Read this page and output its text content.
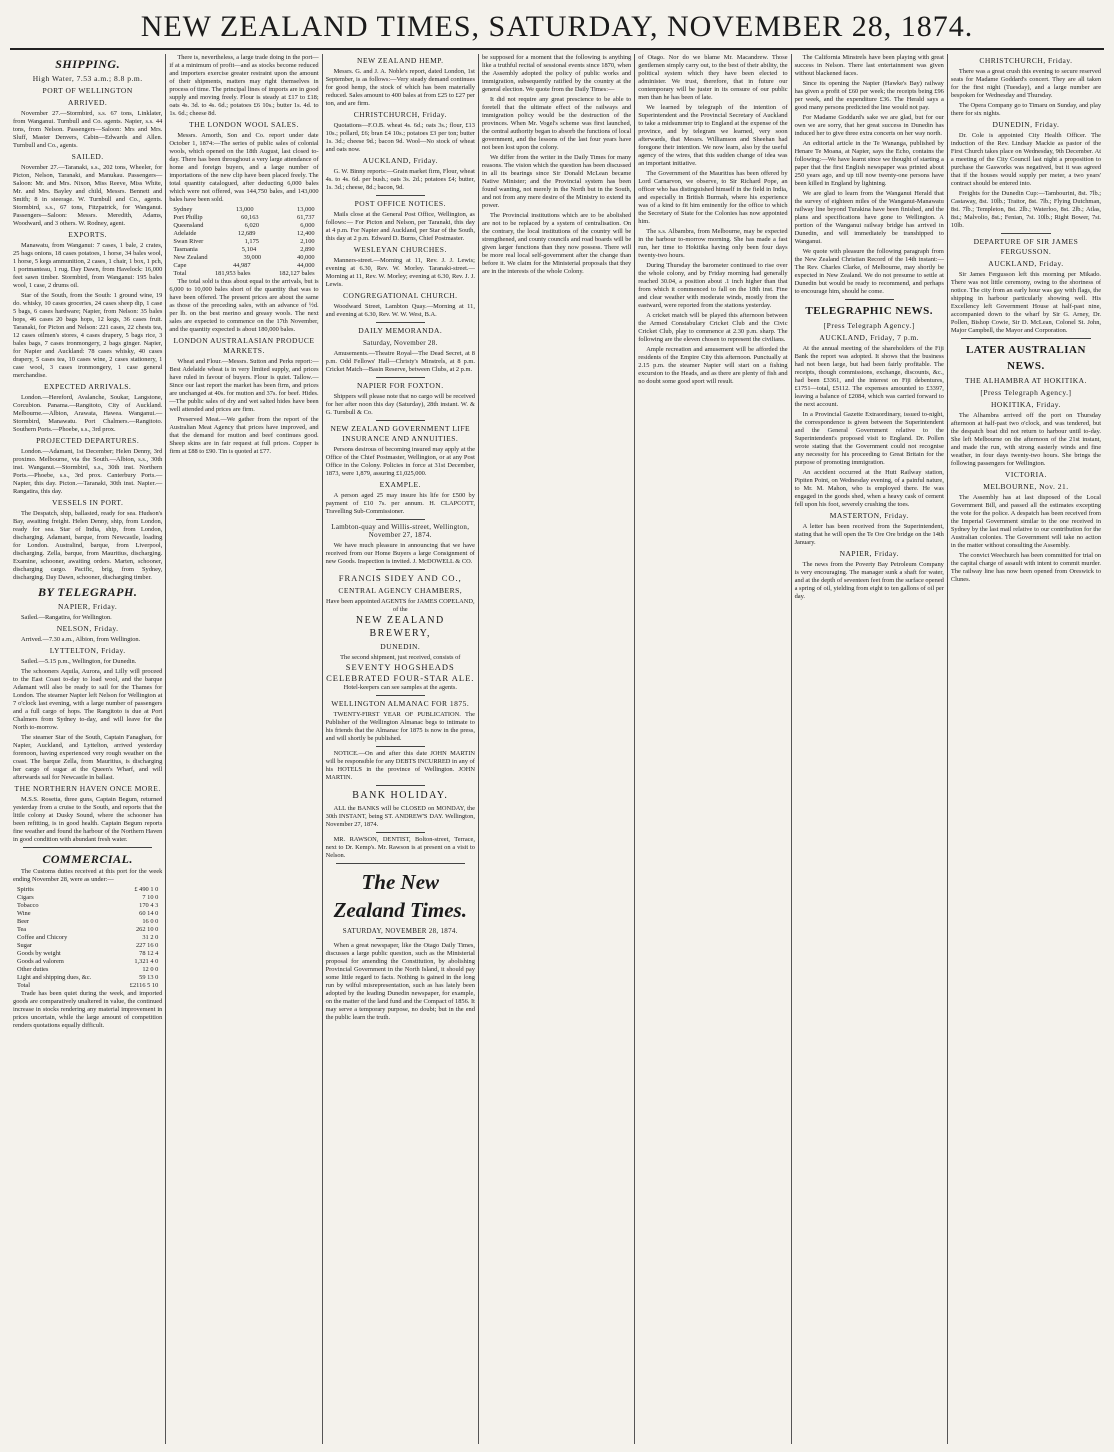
NEW ZEALAND TIMES, SATURDAY, NOVEMBER 28, 1874.
SHIPPING.
High Water, 7.53 a.m.; 8.8 p.m.
PORT OF WELLINGTON
ARRIVED.

November 27.—Stormbird, s.s. 67 tons, Linklater, from Wanganui. Turnbull and Co. agents. Napier, s.s. 44 tons, from Nelson. Passengers—Saloon: Mrs and Mrs. Sluff, Master Denvers, Cabin—Edwards and Allen. Turnbull and Co., agents.

SAILED.

November 27.—Taranaki, s.s., 202 tons, Wheeler, for Picton, Nelson, Taranaki, and Manukau. Passengers—Saloon: Mr. and Mrs. Nixon, Miss Reeve, Miss White, Mr. and Mrs. Bayley and child, Messrs. Bennett and Smith; 8 in steerage. W. Turnbull and Co., agents. Stormbird, s.s., 67 tons, Fitzpatrick, for Wanganui. Passengers—Saloon: Messrs. Meredith, Adams, Woodward, and 3 others. W. Rodney, agent.

EXPORTS.

Manawatu, from Wanganui: 7 cases, 1 bale, 2 crates, 25 bags onions, 18 cases potatoes, 1 horse, 34 bales wool, 1 horse, 5 kegs ammunition, 2 cases, 1 chair, 1 box, 1 pch, 1 portmanteau, 1 rug. Day Dawn, from Havelock: 16,000 feet sawn timber. Stormbird, from Wanganui: 195 bales wool, 1 case, 2 drums oil.

Star of the South, from the South: 1 ground wine, 19 do. whisky, 10 cases groceries, 24 cases sheep dip, 1 case 5 bags, 6 cases hardware; Napier, from Nelson: 35 bales hops, 46 cases 20 bags hops, 12 kegs, 36 cases fruit. Taranaki, for Picton and Nelson: 221 cases, 22 chests tea, 12 cases oilmen's stores, 4 cases drapery, 5 bags rice, 3 bales bags, 7 cases ironmongery, 2 bags ginger. Napier, for Napier and Auckland: 78 cases whisky, 40 cases drapery, 5 cases tea, 10 cases wine, 2 cases stationery, 1 case wool, 3 cases ironmongery, 1 case general merchandise.

EXPECTED ARRIVALS.

London.—Hereford, Avalanche, Soukar, Langstone, Corcubion. Panama.—Rangitoto, City of Auckland. Melbourne.—Albion, Arawata, Hawea. Wanganui.—Stormbird, Manawatu. Port Chalmers.—Rangitoto. Southern Ports.—Phoebe, s.s., 3rd prox.

PROJECTED DEPARTURES.

London.—Adamant, 1st December; Helen Denny, 3rd proximo. Melbourne, via the South.—Albion, s.s., 30th inst. Wanganui.—Stormbird, s.s., 30th inst. Northern Ports.—Phoebe, s.s., 3rd prox. Canterbury Ports.—Napier, this day. Picton.—Taranaki, 30th inst. Napier.—Rangatira, this day.

VESSELS IN PORT.

The Despatch, ship, ballasted, ready for sea. Hudson's Bay, awaiting freight. Helen Denny, ship, from London, ready for sea. Star of India, ship, from London, discharging. Adamant, barque, from Newcastle, loading for London. Australind, barque, from Liverpool, discharging. Zella, barque, from Mauritius, discharging. Examine, schooner, awaiting orders. Marten, schooner, discharging cargo. Pacific, brig, from Sydney, discharging. Day Dawn, schooner, discharging timber.

BY TELEGRAPH.
NAPIER, Friday.

Sailed.—Rangatira, for Wellington.

NELSON, Friday.

Arrived.—7.30 a.m., Albion, from Wellington.

LYTTELTON, Friday.

Sailed.—5.15 p.m., Wellington, for Dunedin.

The schooners Aquila, Aurora, and Lilly will proceed to the East Coast to-day to load wool, and the barque Adamant will also be ready to sail for the Thames for London. The steamer Napier left Nelson for Wellington at 7 o'clock last evening, with a large number of passengers and a full cargo of hops. The Rangitoto is due at Port Chalmers from Sydney to-day, and will leave for the North to-morrow.

The steamer Star of the South, Captain Fanaghan, for Napier, Auckland, and Lyttelton, arrived yesterday forenoon, having experienced very rough weather on the coast. The barque Zella, from Mauritius, is discharging her cargo of sugar at the Queen's Wharf, and will afterwards sail for Newcastle in ballast.

THE NORTHERN HAVEN ONCE MORE.

M.S.S. Rosetta, three guns, Captain Begum, returned yesterday from a cruise to the South, and reports that the little colony at Dusky Sound, where the schooner has been refitting, is in good health. Captain Begum reports fine weather and found the harbour of the Northern Haven in good condition with abundant fresh water.

COMMERCIAL.

The Customs duties received at this port for the week ending November 28, were as under:—

Spirits	£ 490 1 0
Cigars	7 10 0
Tobacco	170 4 3
Wine	60 14 0
Beer	16 0 0
Tea	262 10 0
Coffee and Chicory	31 2 0
Sugar	227 16 0
Goods by weight	78 12 4
Goods ad valorem	1,321 4 0
Other duties	12 0 0
Light and shipping dues, &c.	59 13 0
Total	£2116 5 10

Trade has been quiet during the week, and imported goods are comparatively unaltered in value, the continued increase in stocks rendering any material improvement in prices uncertain, while the large amount of competition renders quotations equally difficult.

There is, nevertheless, a large trade doing in the port—if at a minimum of profit—and as stocks become reduced and importers exercise greater restraint upon the amount of their shipments, matters may right themselves in process of time. The principal lines of imports are in good supply and moving freely. Flour is steady at £17 to £18; oats 4s. 3d. to 4s. 6d.; potatoes £6 10s.; butter 1s. 4d. to 1s. 6d.; cheese 8d.

THE LONDON WOOL SALES.

Messrs. Amorth, Son and Co. report under date October 1, 1874:—The series of public sales of colonial wools, which opened on the 18th August, last closed to-day. There has been throughout a very large attendance of home and foreign buyers, and a large number of importations of the new clip have been placed freely. The total quantity catalogued, after deducting 6,000 bales which were not offered, was 144,750 bales, and 143,000 bales have been sold.

Sydney	13,000	13,000
Port Phillip	60,163	61,737
Queensland	6,020	6,000
Adelaide	12,689	12,400
Swan River	1,175	2,100
Tasmania	5,104	2,890
New Zealand	39,000	40,000
Cape	44,987	44,000
Total	181,953 bales	182,127 bales

The total sold is thus about equal to the arrivals, but is 6,000 to 10,000 bales short of the quantity that was to have been offered. The present prices are about the same as those of the preceding sales, with an advance of ½d. per lb. on the best merino and greasy wools. The next sales are expected to commence on the 17th November, and the quantity expected is about 180,000 bales.

LONDON AUSTRALASIAN PRODUCE MARKETS.

Wheat and Flour.—Messrs. Sutton and Perks report:—Best Adelaide wheat is in very limited supply, and prices have ruled in favour of buyers. Flour is quiet. Tallow.—Since our last report the market has been firm, and prices are unchanged at 40s. for mutton and 37s. for beef. Hides.—The public sales of dry and wet salted hides have been well attended and prices are firm.

Preserved Meat.—We gather from the report of the Australian Meat Agency that prices have improved, and that the demand for mutton and beef continues good. Sheep skins are in fair request at full prices. Copper is firm at £88 to £90. Tin is quoted at £77.

NEW ZEALAND HEMP.

Messrs. G. and J. A. Noble's report, dated London, 1st September, is as follows:—Very steady demand continues for good hemp, the stock of which has been materially reduced. Sales amount to 400 bales at from £25 to £27 per ton, and are firm.

CHRISTCHURCH, Friday.

Quotations—F.O.B. wheat 4s. 6d.; oats 3s.; flour, £13 10s.; pollard, £6; bran £4 10s.; potatoes £3 per ton; butter 1s. 3d.; cheese 9d.; bacon 9d. Wool—No stock of wheat and oats now.

AUCKLAND, Friday.

G. W. Binny reports:—Grain market firm, Flour, wheat 4s. to 4s. 6d. per bush.; oats 3s. 2d.; potatoes £4; butter, 1s. 3d.; cheese, 8d.; bacon, 9d.

POST OFFICE NOTICES.

Mails close at the General Post Office, Wellington, as follows:— For Picton and Nelson, per Taranaki, this day at 4 p.m. For Napier and Auckland, per Star of the South, this day at 2 p.m. Edward D. Burns, Chief Postmaster.

WESLEYAN CHURCHES.

Manners-street.—Morning at 11, Rev. J. J. Lewis; evening at 6.30, Rev. W. Morley. Taranaki-street.—Morning at 11, Rev. W. Morley; evening at 6.30, Rev. J. J. Lewis.

CONGREGATIONAL CHURCH.

Woodward Street, Lambton Quay.—Morning at 11, and evening at 6.30, Rev. W. W. West, B.A.

DAILY MEMORANDA.
Saturday, November 28.

Amusements.—Theatre Royal—The Dead Secret, at 8 p.m. Odd Fellows' Hall—Christy's Minstrels, at 8 p.m. Cricket Match—Basin Reserve, between Clubs, at 2 p.m.

NAPIER FOR FOXTON.

Shippers will please note that no cargo will be received for her after noon this day (Saturday), 28th instant. W. & G. Turnbull & Co.

NEW ZEALAND GOVERNMENT LIFE INSURANCE AND ANNUITIES.

Persons desirous of becoming insured may apply at the Office of the Chief Postmaster, Wellington, or at any Post Office in the Colony. Policies in force at 31st December, 1873, were 1,879, assuring £1,025,000.

EXAMPLE.

A person aged 25 may insure his life for £500 by payment of £10 7s. per annum. H. CLAPCOTT, Travelling Sub-Commissioner.

Lambton-quay and Willis-street, Wellington, November 27, 1874.

We have much pleasure in announcing that we have received from our Home Buyers a large Consignment of new Goods. Inspection is invited. J. McDOWELL & CO.

FRANCIS SIDEY AND CO.,
CENTRAL AGENCY CHAMBERS,
Have been appointed AGENTS for JAMES COPELAND, of the
NEW ZEALAND BREWERY,
DUNEDIN.
The second shipment, just received, consists of
SEVENTY HOGSHEADS
CELEBRATED FOUR-STAR ALE.
Hotel-keepers can see samples at the agents.
WELLINGTON ALMANAC FOR 1875.

TWENTY-FIRST YEAR OF PUBLICATION. The Publisher of the Wellington Almanac begs to intimate to his friends that the Almanac for 1875 is now in the press, and will shortly be published.

NOTICE.—On and after this date JOHN MARTIN will be responsible for any DEBTS INCURRED in any of his HOTELS in the province of Wellington. JOHN MARTIN.

BANK HOLIDAY.

ALL the BANKS will be CLOSED on MONDAY, the 30th INSTANT, being ST. ANDREW'S DAY. Wellington, November 27, 1874.

MR. RAWSON, DENTIST, Bolton-street, Terrace, next to Dr. Kemp's. Mr. Rawson is at present on a visit to Nelson.

The New Zealand Times.
SATURDAY, NOVEMBER 28, 1874.

When a great newspaper, like the Otago Daily Times, discusses a large public question, such as the Ministerial proposal for amending the Constitution, by abolishing Provincial Government in the North Island, it should pay some little regard to facts. Nothing is gained in the long run by wilful misrepresentation, such as has lately been adopted by the leading Dunedin newspaper, for example, on the matter of the land fund and the Compact of 1856. It may serve a temporary purpose, no doubt; but in the end the public learn the truth.

be supposed for a moment that the following is anything like a truthful recital of sessional events since 1870, when the Assembly adopted the policy of public works and immigration, subsequently ratified by the country at the general election. We quote from the Daily Times:—

It did not require any great prescience to be able to foretell that the ultimate effect of the railways and immigration policy would be the destruction of the provinces. When Mr. Vogel's scheme was first launched, the central authority began to absorb the functions of local government, and the lessons of the last four years have not been lost upon the colony.

We differ from the writer in the Daily Times for many reasons. The vision which the question has been discussed in all its bearings since Sir Donald McLean became Native Minister; and the Provincial system has been found wanting, not merely in the North but in the South, and not from any mere desire of the Ministry to extend its power.

The Provincial institutions which are to be abolished are not to be replaced by a system of centralisation. On the contrary, the local institutions of the country will be strengthened, and county councils and road boards will be given larger functions than they now possess. There will be more real local self-government after the change than before it. We claim for the Ministerial proposals that they are in the interests of the whole Colony.

of Otago. Nor do we blame Mr. Macandrew. Those gentlemen simply carry out, to the best of their ability, the political system which they have been elected to administer. We trust, therefore, that in future our contemporary will be juster in its censure of our public men than he has been of late.

We learned by telegraph of the intention of Superintendent and the Provincial Secretary of Auckland to take a midsummer trip to England at the expense of the province, and by telegram we learned, very soon afterwards, that Messrs. Williamson and Sheehan had foregone their intention. We now learn, also by the useful agency of the wires, that this sudden change of idea was an important initiative.

The Government of the Mauritius has been offered by Lord Carnarvon, we observe, to Sir Richard Pope, an officer who has distinguished himself in the field in India, and especially in British Burmah, where his experience was of a kind to fit him eminently for the office to which the Secretary of State for the Colonies has now appointed him.

The s.s. Albambra, from Melbourne, may be expected in the harbour to-morrow morning. She has made a fast run, her time to Hokitika having only been four days twenty-two hours.

During Thursday the barometer continued to rise over the whole colony, and by Friday morning had generally reached 30.04, a position about .1 inch higher than that from which it commenced to fall on the 18th inst. Fine and clear weather with moderate winds, mostly from the eastward, were reported from the stations yesterday.

A cricket match will be played this afternoon between the Armed Constabulary Cricket Club and the Civic Cricket Club, play to commence at 2.30 p.m. sharp. The following are the eleven chosen to represent the civilians.

Ample recreation and amusement will be afforded the residents of the Empire City this afternoon. Punctually at 2.15 p.m. the steamer Napier will start on a fishing excursion to the Heads, and as there are plenty of fish and no doubt some good sport will result.

The California Minstrels have been playing with great success in Nelson. There last entertainment was given without blackened faces.

Since its opening the Napier (Hawke's Bay) railway has given a profit of £60 per week; the receipts being £96 per week, and the expenditure £36. The Herald says a good many persons predicted the line would not pay.

For Madame Goddard's sake we are glad, but for our own we are sorry, that her great success in Dunedin has induced her to give three extra concerts on her way north.

An editorial article in the Te Wananga, published by Henare Te Moana, at Napier, says the Echo, contains the following:—We have learnt since we thought of starting a paper that the first English newspaper was printed about 250 years ago, and up till now twenty-one persons have been killed in England by lightning.

We are glad to learn from the Wanganui Herald that the survey of eighteen miles of the Wanganui-Manawatu railway line beyond Turakina have been finished, and the plans and specifications have gone to Wellington. A portion of the Wanganui railway bridge has arrived in Dunedin, and will immediately be transhipped to Wanganui.

We quote with pleasure the following paragraph from the New Zealand Christian Record of the 14th instant:—The Rev. Charles Clarke, of Melbourne, may shortly be expected in New Zealand. We do not presume to settle at Dunedin but would be ready to recommend, and perhaps to encourage him, should he come.

TELEGRAPHIC NEWS.
[Press Telegraph Agency.]
AUCKLAND, Friday, 7 p.m.

At the annual meeting of the shareholders of the Fiji Bank the report was adopted. It shows that the business had not been large, but had been fairly profitable. The receipts, though commissions, exchange, discounts, &c., had been £3361, and the interest on Fiji debentures, £1751—total, £5112. The expenses amounted to £3397, leaving a balance of £2084, which was carried forward to the next account.

In a Provincial Gazette Extraordinary, issued to-night, the correspondence is given between the Superintendent and the General Government relative to the Superintendent's proposed visit to England. Dr. Pollen wrote stating that the Government could not recognise any necessity for his proceeding to Great Britain for the purpose of promoting immigration.

An accident occurred at the Hutt Railway station, Pipiten Point, on Wednesday evening, of a painful nature, to Mr. M. Mahon, who is employed there. He was engaged in the goods shed, when a heavy cask of cement fell upon his foot, severely crushing the toes.

MASTERTON, Friday.

A letter has been received from the Superintendent, stating that he will open the Te Ore Ore bridge on the 14th January.

NAPIER, Friday.

The news from the Poverty Bay Petroleum Company is very encouraging. The manager sunk a shaft for water, and at the depth of seventeen feet from the surface opened a spring of oil, yielding from eight to ten gallons of oil per day.

CHRISTCHURCH, Friday.

There was a great crush this evening to secure reserved seats for Madame Goddard's concert. They are all taken for the first night (Tuesday), and a large number are bespoken for Wednesday and Thursday.

The Opera Company go to Timaru on Sunday, and play there for six nights.

DUNEDIN, Friday.

Dr. Cole is appointed City Health Officer. The induction of the Rev. Lindsay Mackie as pastor of the First Church takes place on Wednesday, 9th December. At a meeting of the City Council last night a proposition to purchase the Gasworks was negatived, but it was agreed that if the houses would supply per meter, a two years' contract should be entered into.

Freights for the Dunedin Cup:—Tambourini, 8st. 7lb.; Castaway, 8st. 10lb.; Traitor, 8st. 7lb.; Flying Dutchman, 8st. 7lb.; Templeton, 8st. 2lb.; Waterloo, 8st. 2lb.; Atlas, 8st.; Malvolio, 8st.; Fenian, 7st. 10lb.; Right Bower, 7st. 10lb.

DEPARTURE OF SIR JAMES FERGUSSON.
AUCKLAND, Friday.

Sir James Fergusson left this morning per Mikado. There was not little ceremony, owing to the shortness of notice. The city from an early hour was gay with flags, the shipping in harbour particularly showing well. His Excellency left Government House at half-past nine, accompanied down to the wharf by Sir G. Arney, Dr. Pollen, Bishop Cowie, Sir D. McLean, Colonel St. John, Major Campbell, the Mayor and Corporation.

LATER AUSTRALIAN NEWS.
THE ALHAMBRA AT HOKITIKA.
[Press Telegraph Agency.]
HOKITIKA, Friday.

The Alhambra arrived off the port on Thursday afternoon at half-past two o'clock, and was tendered, but the despatch boat did not return to harbour until to-day. She left Melbourne on the afternoon of the 21st instant, and made the run, with strong easterly winds and fine weather, in four days twenty-two hours. She brings the following passengers for Wellington.

VICTORIA.
MELBOURNE, Nov. 21.

The Assembly has at last disposed of the Local Government Bill, and passed all the estimates excepting the vote for the police. A despatch has been received from the Imperial Government similar to the one received in Sydney by the last mail relative to our contribution for the Australian colonies. The Government will take no action in the matter without consulting the Assembly.

The convict Weechurch has been committed for trial on the capital charge of assault with intent to commit murder. The railway line has now been opened from Oreswick to Clunes.
